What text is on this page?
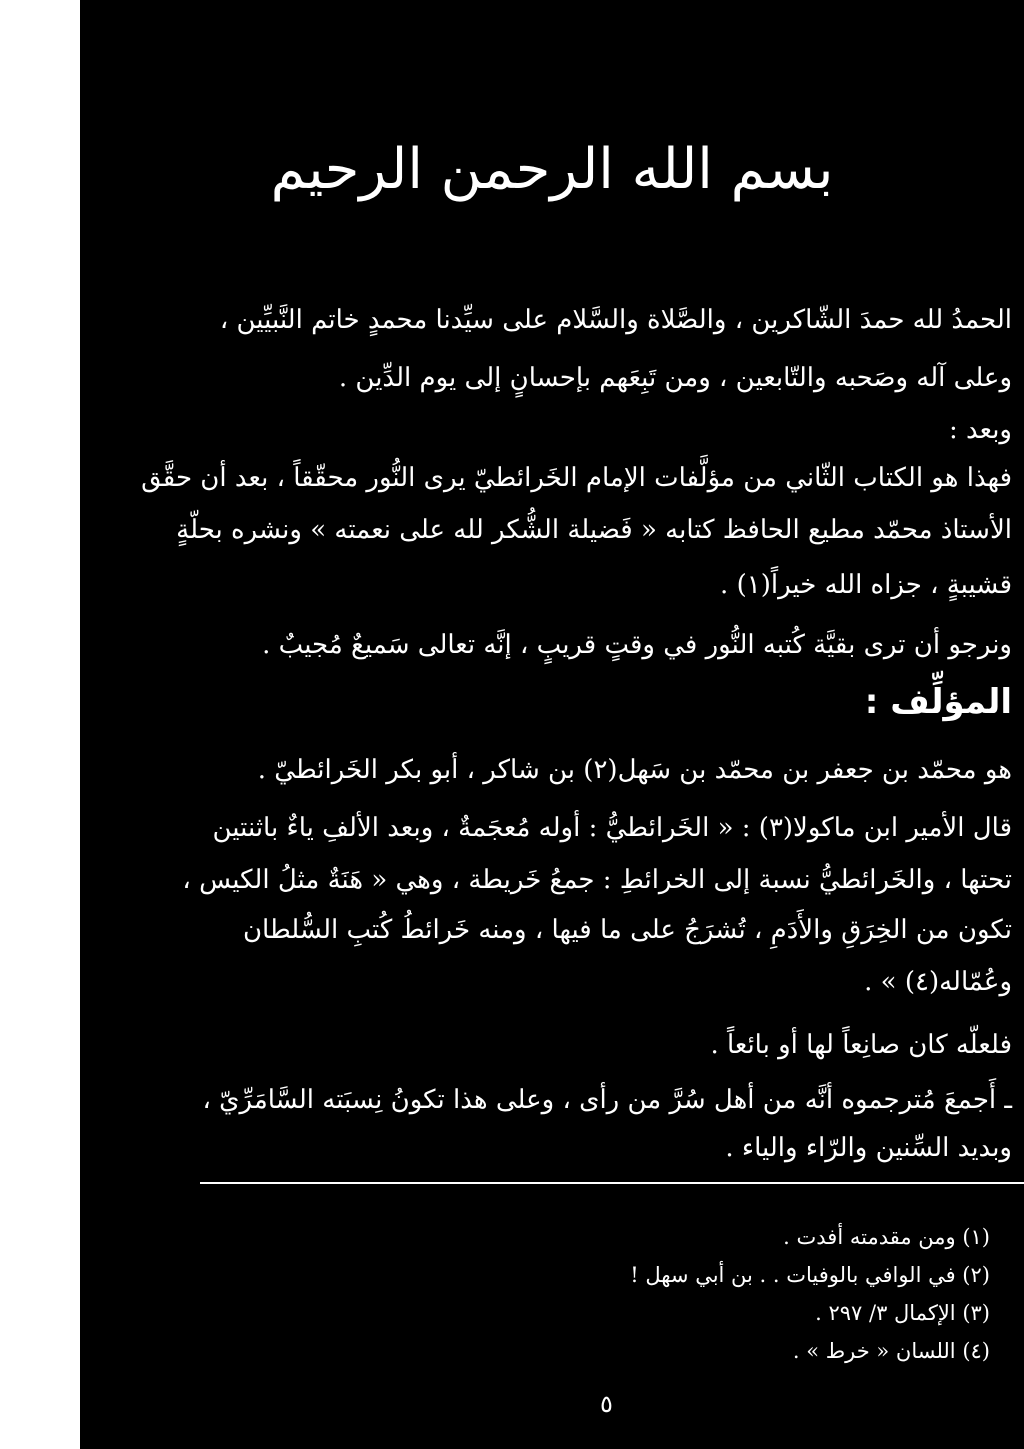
بسم الله الرحمن الرحيم
الحمدُ لله حمدَ الشّاكرين ، والصَّلاة والسَّلام على سيِّدنا محمدٍ خاتم النَّبيِّين ،
وعلى آله وصَحبه والتّابعين ، ومن تَبِعَهم بإحسانٍ إلى يوم الدِّين .
وبعد :
فهذا هو الكتاب الثّاني من مؤلَّفات الإمام الخَرائطيّ يرى النُّور محقّقاً ، بعد أن حقَّق
الأستاذ محمّد مطيع الحافظ كتابه « فَضيلة الشُّكر لله على نعمته » ونشره بحلّةٍ
قشيبةٍ ، جزاه الله خيراً(١) .
ونرجو أن ترى بقيَّة كُتبه النُّور في وقتٍ قريبٍ ، إنَّه تعالى سَميعٌ مُجيبٌ .
المؤلِّف :
هو محمّد بن جعفر بن محمّد بن سَهل(٢) بن شاكر ، أبو بكر الخَرائطيّ .
قال الأمير ابن ماكولا(٣) : « الخَرائطيُّ : أوله مُعجَمةٌ ، وبعد الألفِ ياءٌ باثنتين
تحتها ، والخَرائطيُّ نسبة إلى الخرائطِ : جمعُ خَريطة ، وهي « هَنَةٌ مثلُ الكيس ،
تكون من الخِرَقِ والأَدَمِ ، تُشرَجُ على ما فيها ، ومنه خَرائطُ كُتبِ السُّلطان
وعُمّاله(٤) » .
فلعلّه كان صانِعاً لها أو بائعاً .
ـ أَجمعَ مُترجموه أنَّه من أهل سُرَّ من رأى ، وعلى هذا تكونُ نِسبَته السَّامَرِّيّ ،
وبديد السِّنين والرّاء والياء .
(١) ومن مقدمته أفدت .
(٢) في الوافي بالوفيات . . بن أبي سهل !
(٣) الإكمال ٣/ ٢٩٧ .
(٤) اللسان « خرط » .
٥
